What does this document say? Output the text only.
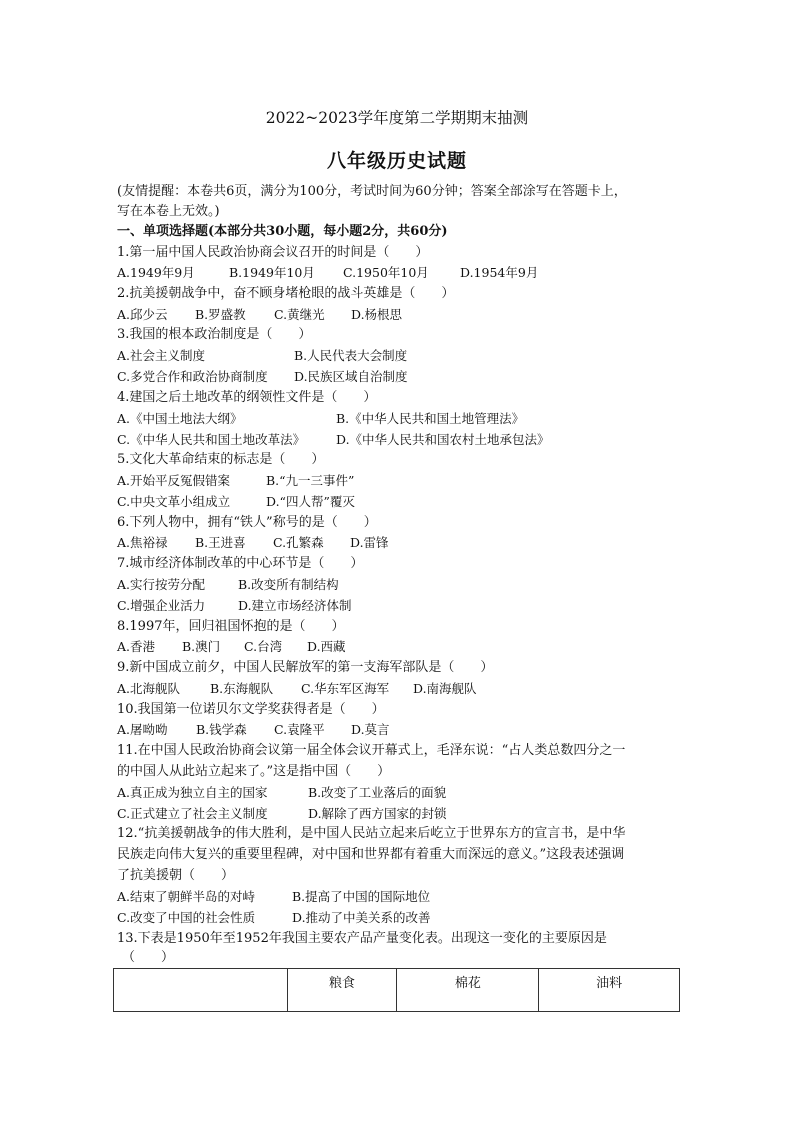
2022~2023学年度第二学期期末抽测
八年级历史试题
(友情提醒：本卷共6页，满分为100分，考试时间为60分钟；答案全部涂写在答题卡上，
写在本卷上无效。)
一、单项选择题(本部分共30小题，每小题2分，共60分)
1.第一届中国人民政治协商会议召开的时间是（　　）
A.1949年9月	B.1949年10月 C.1950年10月 D.1954年9月
2.抗美援朝战争中，奋不顾身堵枪眼的战斗英雄是（　　）
A.邱少云 B.罗盛教 C.黄继光 D.杨根思
3.我国的根本政治制度是（　　）
A.社会主义制度	B.人民代表大会制度
C.多党合作和政治协商制度 D.民族区域自治制度
4.建国之后土地改革的纲领性文件是（　　）
A.《中国土地法大纲》	B.《中华人民共和国土地管理法》
C.《中华人民共和国土地改革法》 D.《中华人民共和国农村土地承包法》
5.文化大革命结束的标志是（　　）
A.开始平反冤假错案	B.“九一三事件”
C.中央文革小组成立	D.“四人帮”覆灭
6.下列人物中，拥有“铁人”称号的是（　　）
A.焦裕禄 B.王进喜 C.孔繁森 D.雷锋
7.城市经济体制改革的中心环节是（　　）
A.实行按劳分配	B.改变所有制结构
C.增强企业活力	D.建立市场经济体制
8.1997年，回归祖国怀抱的是（　　）
A.香港 B.澳门 C.台湾 D.西藏
9.新中国成立前夕，中国人民解放军的第一支海军部队是（　　）
A.北海舰队 B.东海舰队 C.华东军区海军 D.南海舰队
10.我国第一位诺贝尔文学奖获得者是（　　）
A.屠呦呦 B.钱学森 C.袁隆平 D.莫言
11.在中国人民政治协商会议第一届全体会议开幕式上，毛泽东说：“占人类总数四分之一
的中国人从此站立起来了。”这是指中国（　　）
A.真正成为独立自主的国家	B.改变了工业落后的面貌
C.正式建立了社会主义制度	D.解除了西方国家的封锁
12.“抗美援朝战争的伟大胜利，是中国人民站立起来后屹立于世界东方的宣言书，是中华
民族走向伟大复兴的重要里程碑，对中国和世界都有着重大而深远的意义。”这段表述强调
了抗美援朝（　　）
A.结束了朝鲜半岛的对峙	B.提高了中国的国际地位
C.改变了中国的社会性质	D.推动了中美关系的改善
13.下表是1950年至1952年我国主要农产品产量变化表。出现这一变化的主要原因是
（　　）
	粮食	棉花	油料
